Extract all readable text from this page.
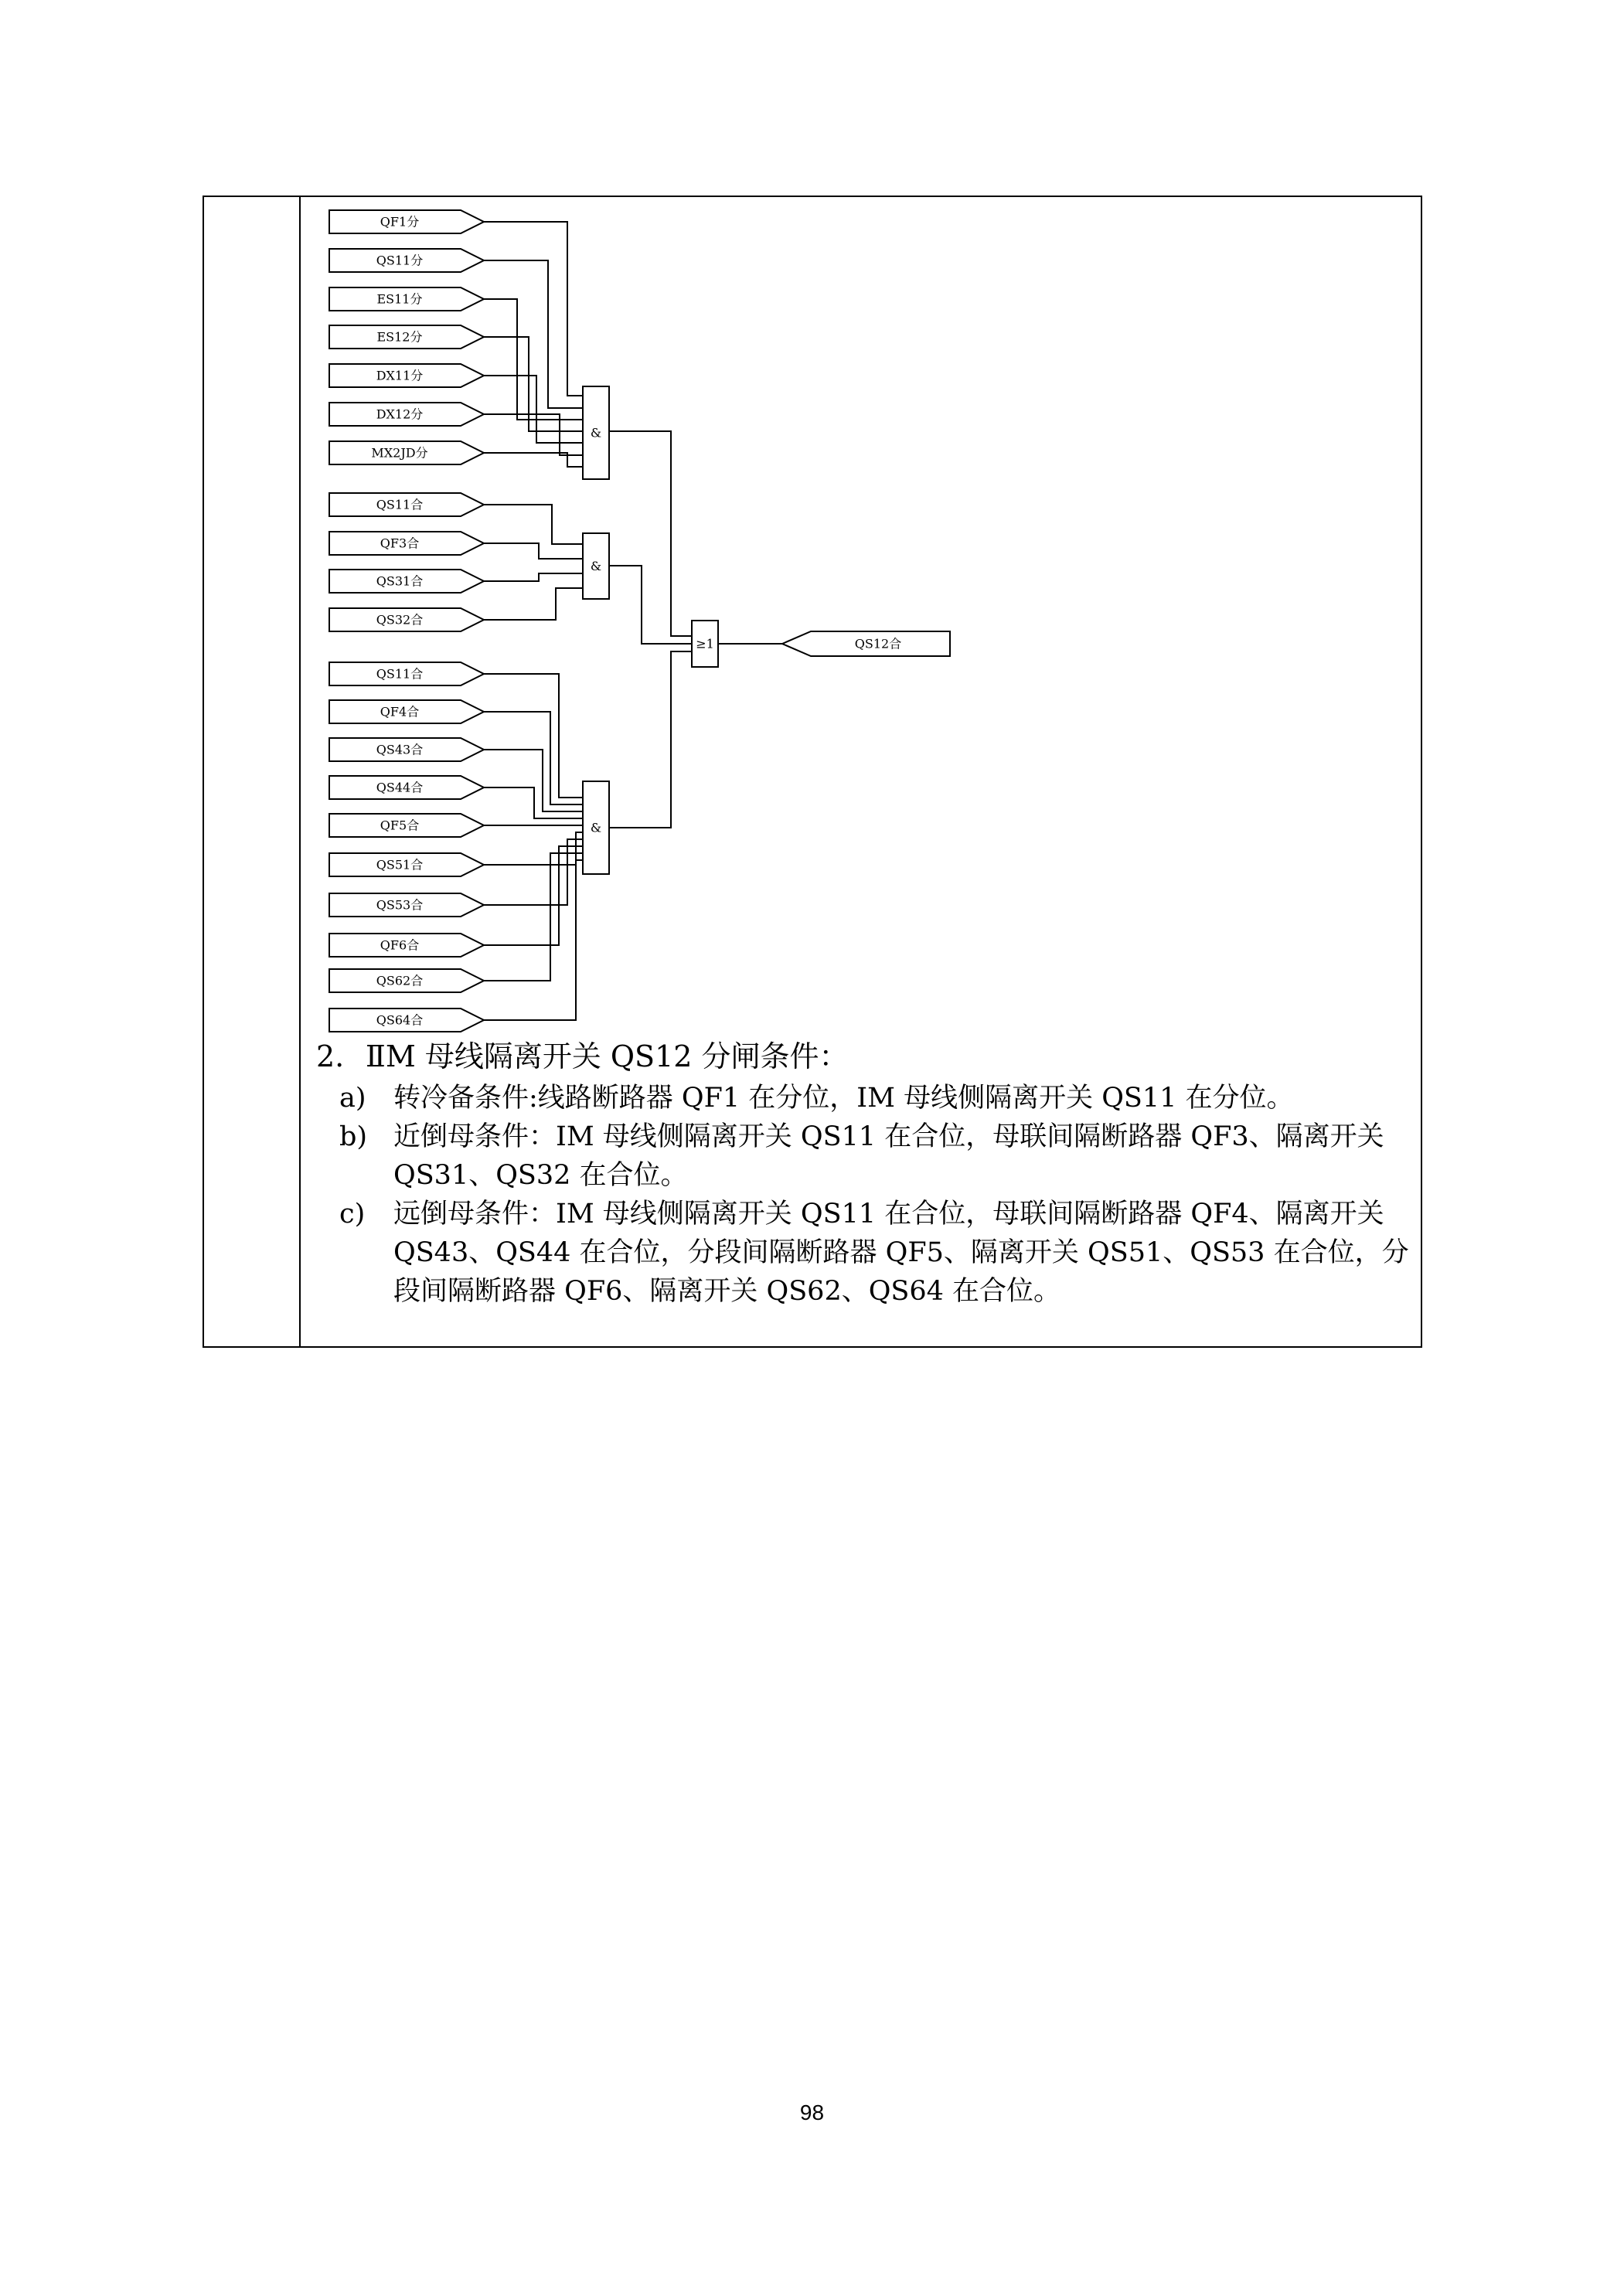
&
&
&
≥1
QF1分
QS11分
ES11分
ES12分
DX11分
DX12分
MX2JD分
QS11合
QF3合
QS31合
QS32合
QS11合
QF4合
QS43合
QS44合
QF5合
QS51合
QS53合
QF6合
QS62合
QS64合
QS12合
2. ⅡM 母线隔离开关 QS12 分闸条件：
a)	转冷备条件:线路断路器 QF1 在分位，ⅠM 母线侧隔离开关 QS11 在分位。
b) 近倒母条件：ⅠM 母线侧隔离开关 QS11 在合位，母联间隔断路器 QF3、隔离开关 QS31、QS32 在合位。
c)	远倒母条件：ⅠM 母线侧隔离开关 QS11 在合位，母联间隔断路器 QF4、隔离开关 QS43、QS44 在合位，分段间隔断路器 QF5、隔离开关 QS51、QS53 在合位，分段间隔断路器 QF6、隔离开关 QS62、QS64 在合位。
98
